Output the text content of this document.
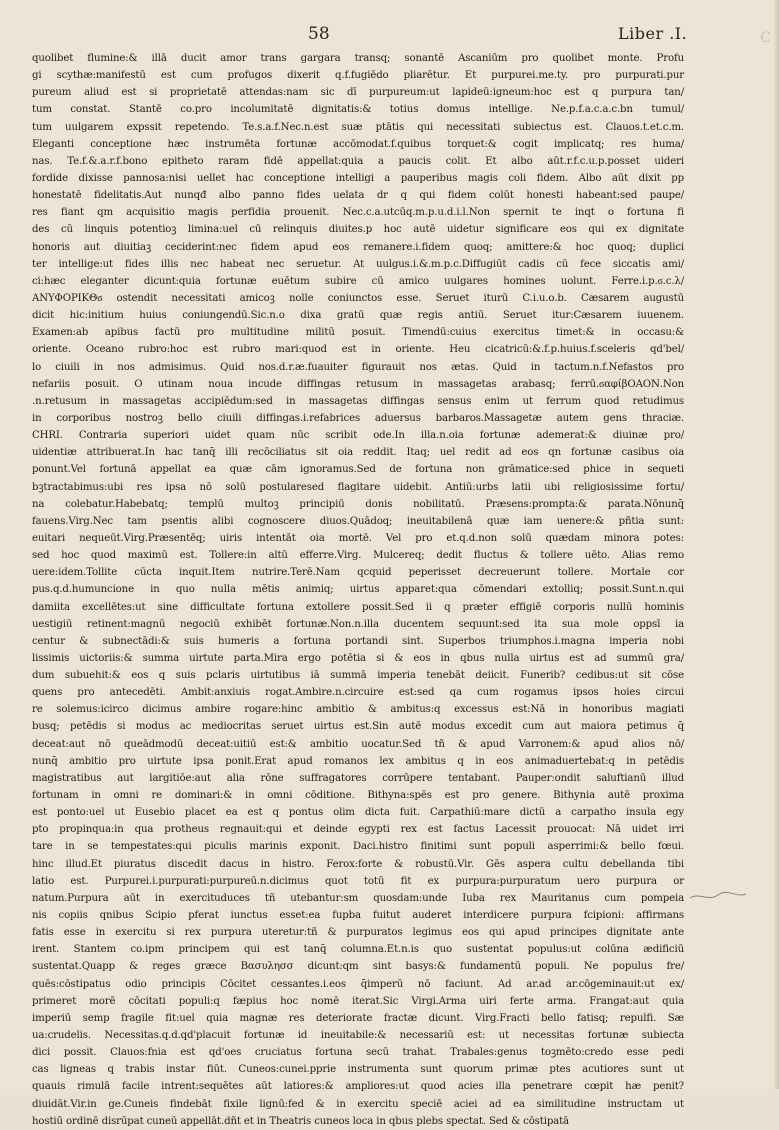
C
58	Liber .I.
quolibet flumine:& illā ducit amor trans gargara transq; sonantē Ascaniūm pro quolibet monte. Profu
gi scythæ:manifestū est cum profugos dixerit q.f.fugiēdo pliarētur. Et purpurei.me.ty. pro purpurati.pur
pureum aliud est si proprietatē attendas:nam sic dī purpureum:ut lapideū:igneum:hoc est q purpura tan/
tum constat. Stantē co.pro incolumitatē dignitatis:& totius domus intellige. Ne.p.f.a.c.a.c.bn tumul/
tum uulgarem expssit repetendo. Te.s.a.f.Nec.n.est suæ ptātis qui necessitati subiectus est. Clauos.t.et.c.m.
Eleganti conceptione hæc instrumēta fortunæ accōmodat.f.quibus torquet:& cogit implicatq; res huma/
nas. Te.f.&.a.r.f.bono epitheto raram fidē appellat:quia a paucis colit. Et albo aūt.r.f.c.u.p.posset uideri
fordide dixisse pannosa:nisi uellet hac conceptione intelligi a pauperibus magis coli fidem. Albo aūt dixit pp
honestatē fidelitatis.Aut nunqđ albo panno fides uelata dr q qui fidem colūt honesti habeant:sed paupe/
res fiant qm acquisitio magis perfidia prouenit. Nec.c.a.utcūq.m.p.u.d.i.l.Non spernit te inqt o fortuna fi
des cū linquis potentioꝫ limina:uel cū relinquis diuites.p hoc autē uidetur significare eos qui ex dignitate
honoris aut diuitiaꝫ ceciderint:nec fidem apud eos remanere.i.fidem quoq; amittere:& hoc quoq; duplici
ter intellige:ut fides illis nec habeat nec seruetur. At uulgus.i.&.m.p.c.Diffugiūt cadis cū fece siccatis ami/
ci:hæc eleganter dicunt:quia fortunæ euētum subire cū amico uulgares homines uolunt. Ferre.i.p.ϭ.ϲ.λ/
ΑΝΥΦΟΡΙΚΘϭ ostendit necessitati amicoꝫ nolle coniunctos esse. Seruet iturū C.i.u.o.b. Cæsarem augustū
dicit hic:initium huius coniungendū.Sic.n.o dixa gratū quæ regis antiū. Seruet itur:Cæsarem iuuenem.
Examen:ab apibus factū pro multitudine militū posuit. Timendū:cuius exercitus timet:& in occasu:&
oriente. Oceano rubro:hoc est rubro mari:quod est in oriente. Heu cicatricū:&.f.p.huius.f.sceleris qd'bel/
lo ciuili in nos admisimus. Quid nos.d.r.æ.fuauiter figurauit nos ætas. Quid in tactum.n.f.Nefastos pro
nefariis posuit. O utinam noua incude diffingas retusum in massagetas arabasq; ferrū.ϭαφίβΟΑΟΝ.Non
.n.retusum in massagetas accipiēdum:sed in massagetas diffingas sensus enim ut ferrum quod retudimus
in corporibus nostroꝫ bello ciuili diffingas.i.refabrices aduersus barbaros.Massagetæ autem gens thraciæ.
CHRI. Contraria superiori uidet quam nūc scribit ode.In illa.n.oia fortunæ ademerat:& diuinæ pro/
uidentiæ attribuerat.In hac tanq̄ illi recōciliatus sit oia reddit. Itaq; uel redit ad eos qn fortunæ casibus oia
ponunt.Vel fortunā appellat ea quæ cām ignoramus.Sed de fortuna non grāmatice:sed phice in sequeti
bꝫtractabimus:ubi res ipsa nō solū postularesed flagitare uidebit. Antiū:urbs latii ubi religiosissime fortu/
na colebatur.Habebatq; templū multoꝫ principiū donis nobilitatū. Præsens:prompta:& parata.Nōnunq̄
fauens.Virg.Nec tam psentis alibi cognoscere diuos.Quādoq; ineuitabilenā quæ iam uenere:& pñtia sunt:
euitari nequeūt.Virg.Præsentēq; uiris intentāt oia mortē. Vel pro et.q.d.non solū quædam minora potes:
sed hoc quod maximū est. Tollere:in altū efferre.Virg. Mulcereq; dedit fluctus & tollere uēto. Alias remo
uere:idem.Tollite cūcta inquit.Item nutrire.Terē.Nam qcquid peperisset decreuerunt tollere. Mortale cor
pus.q.d.humuncione in quo nulla mētis animiq; uirtus apparet:qua cōmendari extolliq; possit.Sunt.n.qui
damiita excellētes:ut sine difficultate fortuna extollere possit.Sed ii q præter effigiē corporis nullū hominis
uestigiū retinent:magnū negociū exhibēt fortunæ.Non.n.illa ducentem sequunt:sed ita sua mole oppsī ia
centur & subnectādi:& suis humeris a fortuna portandi sint. Superbos triumphos.i.magna imperia nobi
lissimis uictoriis:& summa uirtute parta.Mira ergo potētia si & eos in qbus nulla uirtus est ad summū gra/
dum subuehit:& eos q suis pclaris uirtutibus iā summā imperia tenebāt deiicit. Funerib? cedibus:ut sit cōse
quens pro antecedēti. Ambit:anxiuis rogat.Ambire.n.circuire est:sed qa cum rogamus ipsos hoies circui
re solemus:icirco dicimus ambire rogare:hinc ambitio & ambitus:q excessus est:Nā in honoribus magiati
busq; petēdis si modus ac mediocritas seruet uirtus est.Sin autē modus excedit cum aut maiora petimus q̄
deceat:aut nō queādmodū deceat:uitiū est:& ambitio uocatur.Sed tñ & apud Varronem:& apud alios nō/
nunq̄ ambitio pro uirtute ipsa ponit.Erat apud romanos lex ambitus q in eos animaduertebat:q in petēdis
magistratibus aut largitiōe:aut alia rōne suffragatores corrūpere tentabant. Pauper:ondit saluftianū illud
fortunam in omni re dominari:& in omni cōditione. Bithyna:spēs est pro genere. Bithynia autē proxima
est ponto:uel ut Eusebio placet ea est q pontus olim dicta fuit. Carpathiū:mare dictū a carpatho insula egy
pto propinqua:in qua protheus regnauit:qui et deinde egypti rex est factus Lacessit prouocat: Nā uidet irri
tare in se tempestates:qui piculis marinis exponit. Daci.histro finitimi sunt populi asperrimi:& bello fœui.
hinc illud.Et piuratus discedit dacus in histro. Ferox:forte & robustū.Vir. Gēs aspera cultu debellanda tibi
latio est. Purpurei.i.purpurati:purpureū.n.dicimus quot totū fit ex purpura:purpuratum uero purpura or
natum.Purpura aūt in exercituduces tñ utebantur:sm quosdam:unde Iuba rex Mauritanus cum pompeia
nis copiis qnibus Scipio pferat iunctus esset:ea fupba fuitut auderet interdicere purpura fcipioni: affirmans
fatis esse in exercitu si rex purpura uteretur:tñ & purpuratos legimus eos qui apud principes dignitate ante
irent. Stantem co.ipm principem qui est tanq̄ columna.Et.n.is quo sustentat populus:ut colūna ædificiū
sustentat.Quapp & reges græce Βασυλησσ dicunt:qm sint basys:& fundamentū populi. Ne populus fre/
quēs:cōstipatus odio principis Cōcitet cessantes.i.eos q̄imperū nō faciunt. Ad ar.ad ar.cōgeminauit:ut ex/
primeret morē cōcitati populi:q fæpius hoc nomē iterat.Sic Virgi.Arma uiri ferte arma. Frangat:aut quia
imperiū semp fragile fit:uel quia magnæ res deteriorate fractæ dicunt. Virg.Fracti bello fatisq; repulfi. Sæ
ua:crudelis. Necessitas.q.d.qd'placuit fortunæ id ineuitabile:& necessariū est: ut necessitas fortunæ subiecta
dici possit. Clauos:fnia est qd'oes cruciatus fortuna secū trahat. Trabales:genus toꝫmēto:credo esse pedi
cas ligneas q trabis instar fiūt. Cuneos:cunei.pprie instrumenta sunt quorum primæ ptes acutiores sunt ut
quauis rimulā facile intrent:sequētes aūt latiores:& ampliores:ut quod acies illa penetrare cœpit hæ penit?
diuidāt.Vir.in ge.Cuneis findebāt fixile lignū:fed & in exercitu speciē aciei ad ea similitudine instructam ut
hostiū ordinē disrūpat cuneū appellāt.dñt et in Theatris cuneos loca in qbus plebs spectat. Sed & cōstipatā
